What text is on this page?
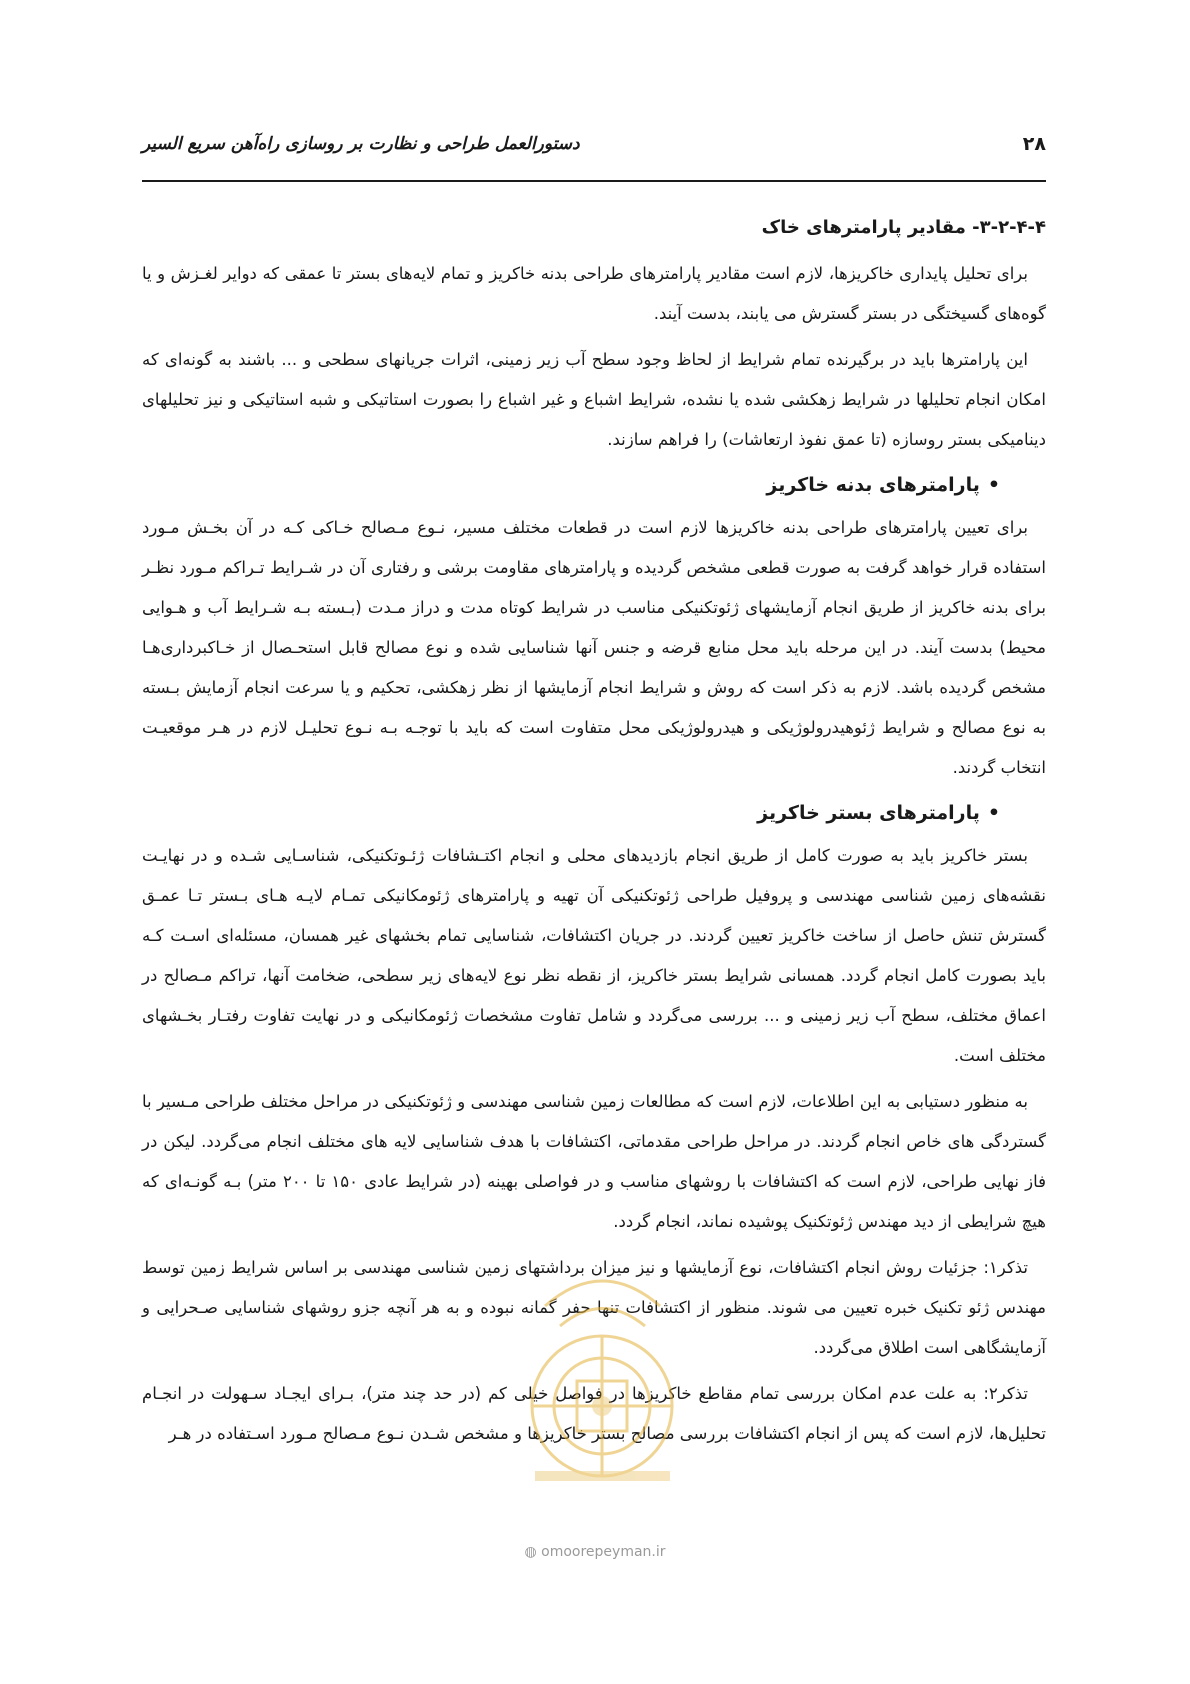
۲۸
دستورالعمل طراحی و نظارت بر روسازی راه‌آهن سریع السیر
۳-۲-۴-۴- مقادیر پارامترهای خاک

برای تحلیل پایداری خاکریزها، لازم است مقادیر پارامترهای طراحی بدنه خاکریز و تمام لایه‌های بستر تا عمقی که دوایر لغـزش و یا گوه‌های گسیختگی در بستر گسترش می یابند، بدست آیند.

این پارامترها باید در برگیرنده تمام شرایط از لحاظ وجود سطح آب زیر زمینی، اثرات جریانهای سطحی و ... باشند به گونه‌ای که امکان انجام تحلیلها در شرایط زهکشی شده یا نشده، شرایط اشباع و غیر اشباع را بصورت استاتیکی و شبه استاتیکی و نیز تحلیلهای دینامیکی بستر روسازه (تا عمق نفوذ ارتعاشات) را فراهم سازند.

•پارامترهای بدنه خاکریز

برای تعیین پارامترهای طراحی بدنه خاکریزها لازم است در قطعات مختلف مسیر، نـوع مـصالح خـاکی کـه در آن بخـش مـورد استفاده قرار خواهد گرفت به صورت قطعی مشخص گردیده و پارامترهای مقاومت برشی و رفتاری آن در شـرایط تـراکم مـورد نظـر برای بدنه خاکریز از طریق انجام آزمایشهای ژئوتکنیکی مناسب در شرایط کوتاه مدت و دراز مـدت (بـسته بـه شـرایط آب و هـوایی محیط) بدست آیند. در این مرحله باید محل منابع قرضه و جنس آنها شناسایی شده و نوع مصالح قابل استحـصال از خـاکبرداری‌هـا مشخص گردیده باشد. لازم به ذکر است که روش و شرایط انجام آزمایشها از نظر زهکشی، تحکیم و یا سرعت انجام آزمایش بـسته به نوع مصالح و شرایط ژئوهیدرولوژیکی و هیدرولوژیکی محل متفاوت است که باید با توجـه بـه نـوع تحلیـل لازم در هـر موقعیـت انتخاب گردند.

•پارامترهای بستر خاکریز

بستر خاکریز باید به صورت کامل از طریق انجام بازدیدهای محلی و انجام اکتـشافات ژئـوتکنیکی، شناسـایی شـده و در نهایـت نقشه‌های زمین شناسی مهندسی و پروفیل طراحی ژئوتکنیکی آن تهیه و پارامترهای ژئومکانیکی تمـام لایـه هـای بـستر تـا عمـق گسترش تنش حاصل از ساخت خاکریز تعیین گردند. در جریان اکتشافات، شناسایی تمام بخشهای غیر همسان، مسئله‌ای اسـت کـه باید بصورت کامل انجام گردد. همسانی شرایط بستر خاکریز، از نقطه نظر نوع لایه‌های زیر سطحی، ضخامت آنها، تراکم مـصالح در اعماق مختلف، سطح آب زیر زمینی و ... بررسی می‌گردد و شامل تفاوت مشخصات ژئومکانیکی و در نهایت تفاوت رفتـار بخـشهای مختلف است.

به منظور دستیابی به این اطلاعات، لازم است که مطالعات زمین شناسی مهندسی و ژئوتکنیکی در مراحل مختلف طراحی مـسیر با گستردگی های خاص انجام گردند. در مراحل طراحی مقدماتی، اکتشافات با هدف شناسایی لایه های مختلف انجام می‌گردد. لیکن در فاز نهایی طراحی، لازم است که اکتشافات با روشهای مناسب و در فواصلی بهینه (در شرایط عادی ۱۵۰ تا ۲۰۰ متر) بـه گونـه‌ای که هیچ شرایطی از دید مهندس ژئوتکنیک پوشیده نماند، انجام گردد.

تذکر۱: جزئیات روش انجام اکتشافات، نوع آزمایشها و نیز میزان برداشتهای زمین شناسی مهندسی بر اساس شرایط زمین توسط مهندس ژئو تکنیک خبره تعیین می شوند. منظور از اکتشافات تنها حفر گمانه نبوده و به هر آنچه جزو روشهای شناسایی صـحرایی و آزمایشگاهی است اطلاق می‌گردد.

تذکر۲: به علت عدم امکان بررسی تمام مقاطع خاکریزها در فواصل خیلی کم (در حد چند متر)، بـرای ایجـاد سـهولت در انجـام تحلیل‌ها، لازم است که پس از انجام اکتشافات بررسی مصالح بستر خاکریزها و مشخص شـدن نـوع مـصالح مـورد اسـتفاده در هـر

◍ omoorepeyman.ir
